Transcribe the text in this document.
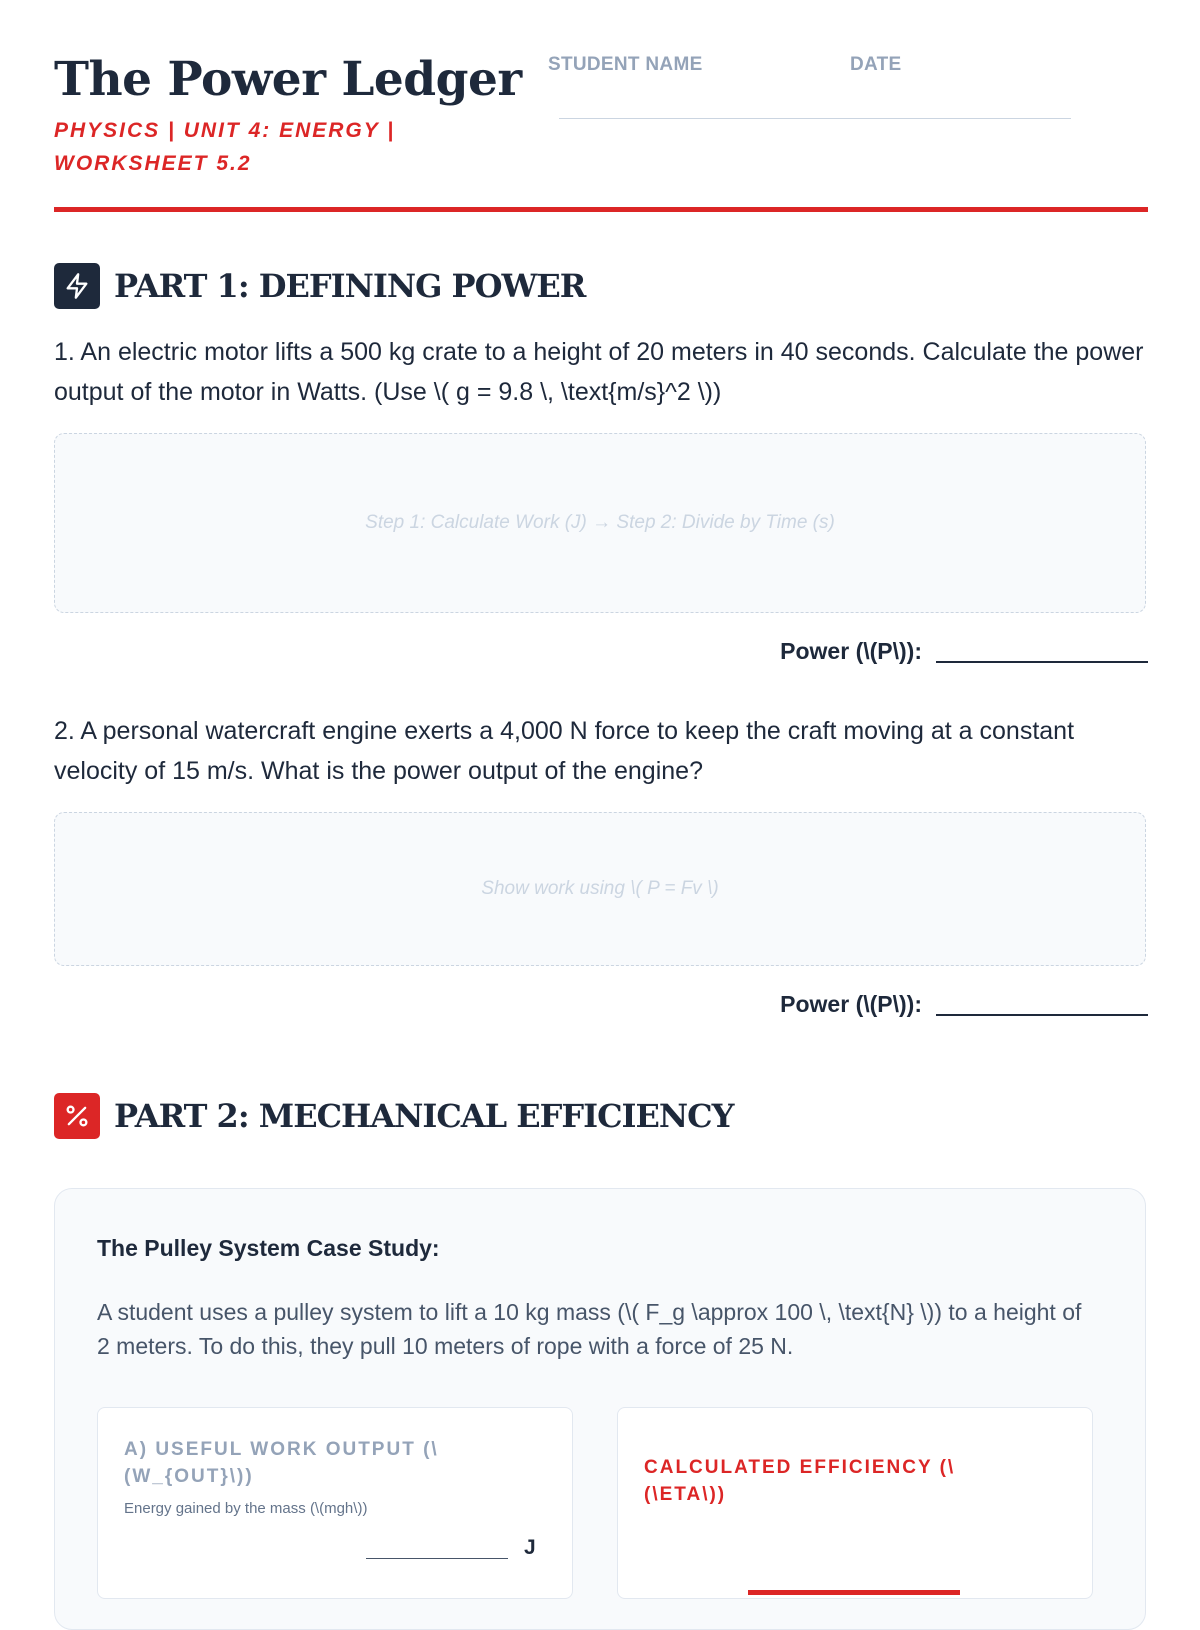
The Power Ledger
PHYSICS | UNIT 4: ENERGY | WORKSHEET 5.2
STUDENT NAME	DATE
PART 1: DEFINING POWER
1. An electric motor lifts a 500 kg crate to a height of 20 meters in 40 seconds. Calculate the power output of the motor in Watts. (Use \( g = 9.8 \, \text{m/s}^2 \))
Step 1: Calculate Work (J) → Step 2: Divide by Time (s)
Power (\(P\)):
2. A personal watercraft engine exerts a 4,000 N force to keep the craft moving at a constant velocity of 15 m/s. What is the power output of the engine?
Show work using \( P = Fv \)
Power (\(P\)):
PART 2: MECHANICAL EFFICIENCY
The Pulley System Case Study:
A student uses a pulley system to lift a 10 kg mass (\( F_g \approx 100 \, \text{N} \)) to a height of 2 meters. To do this, they pull 10 meters of rope with a force of 25 N.
A) USEFUL WORK OUTPUT (\(W_{OUT}\))
Energy gained by the mass (\(mgh\))
J
CALCULATED EFFICIENCY (\(\ETA\))
